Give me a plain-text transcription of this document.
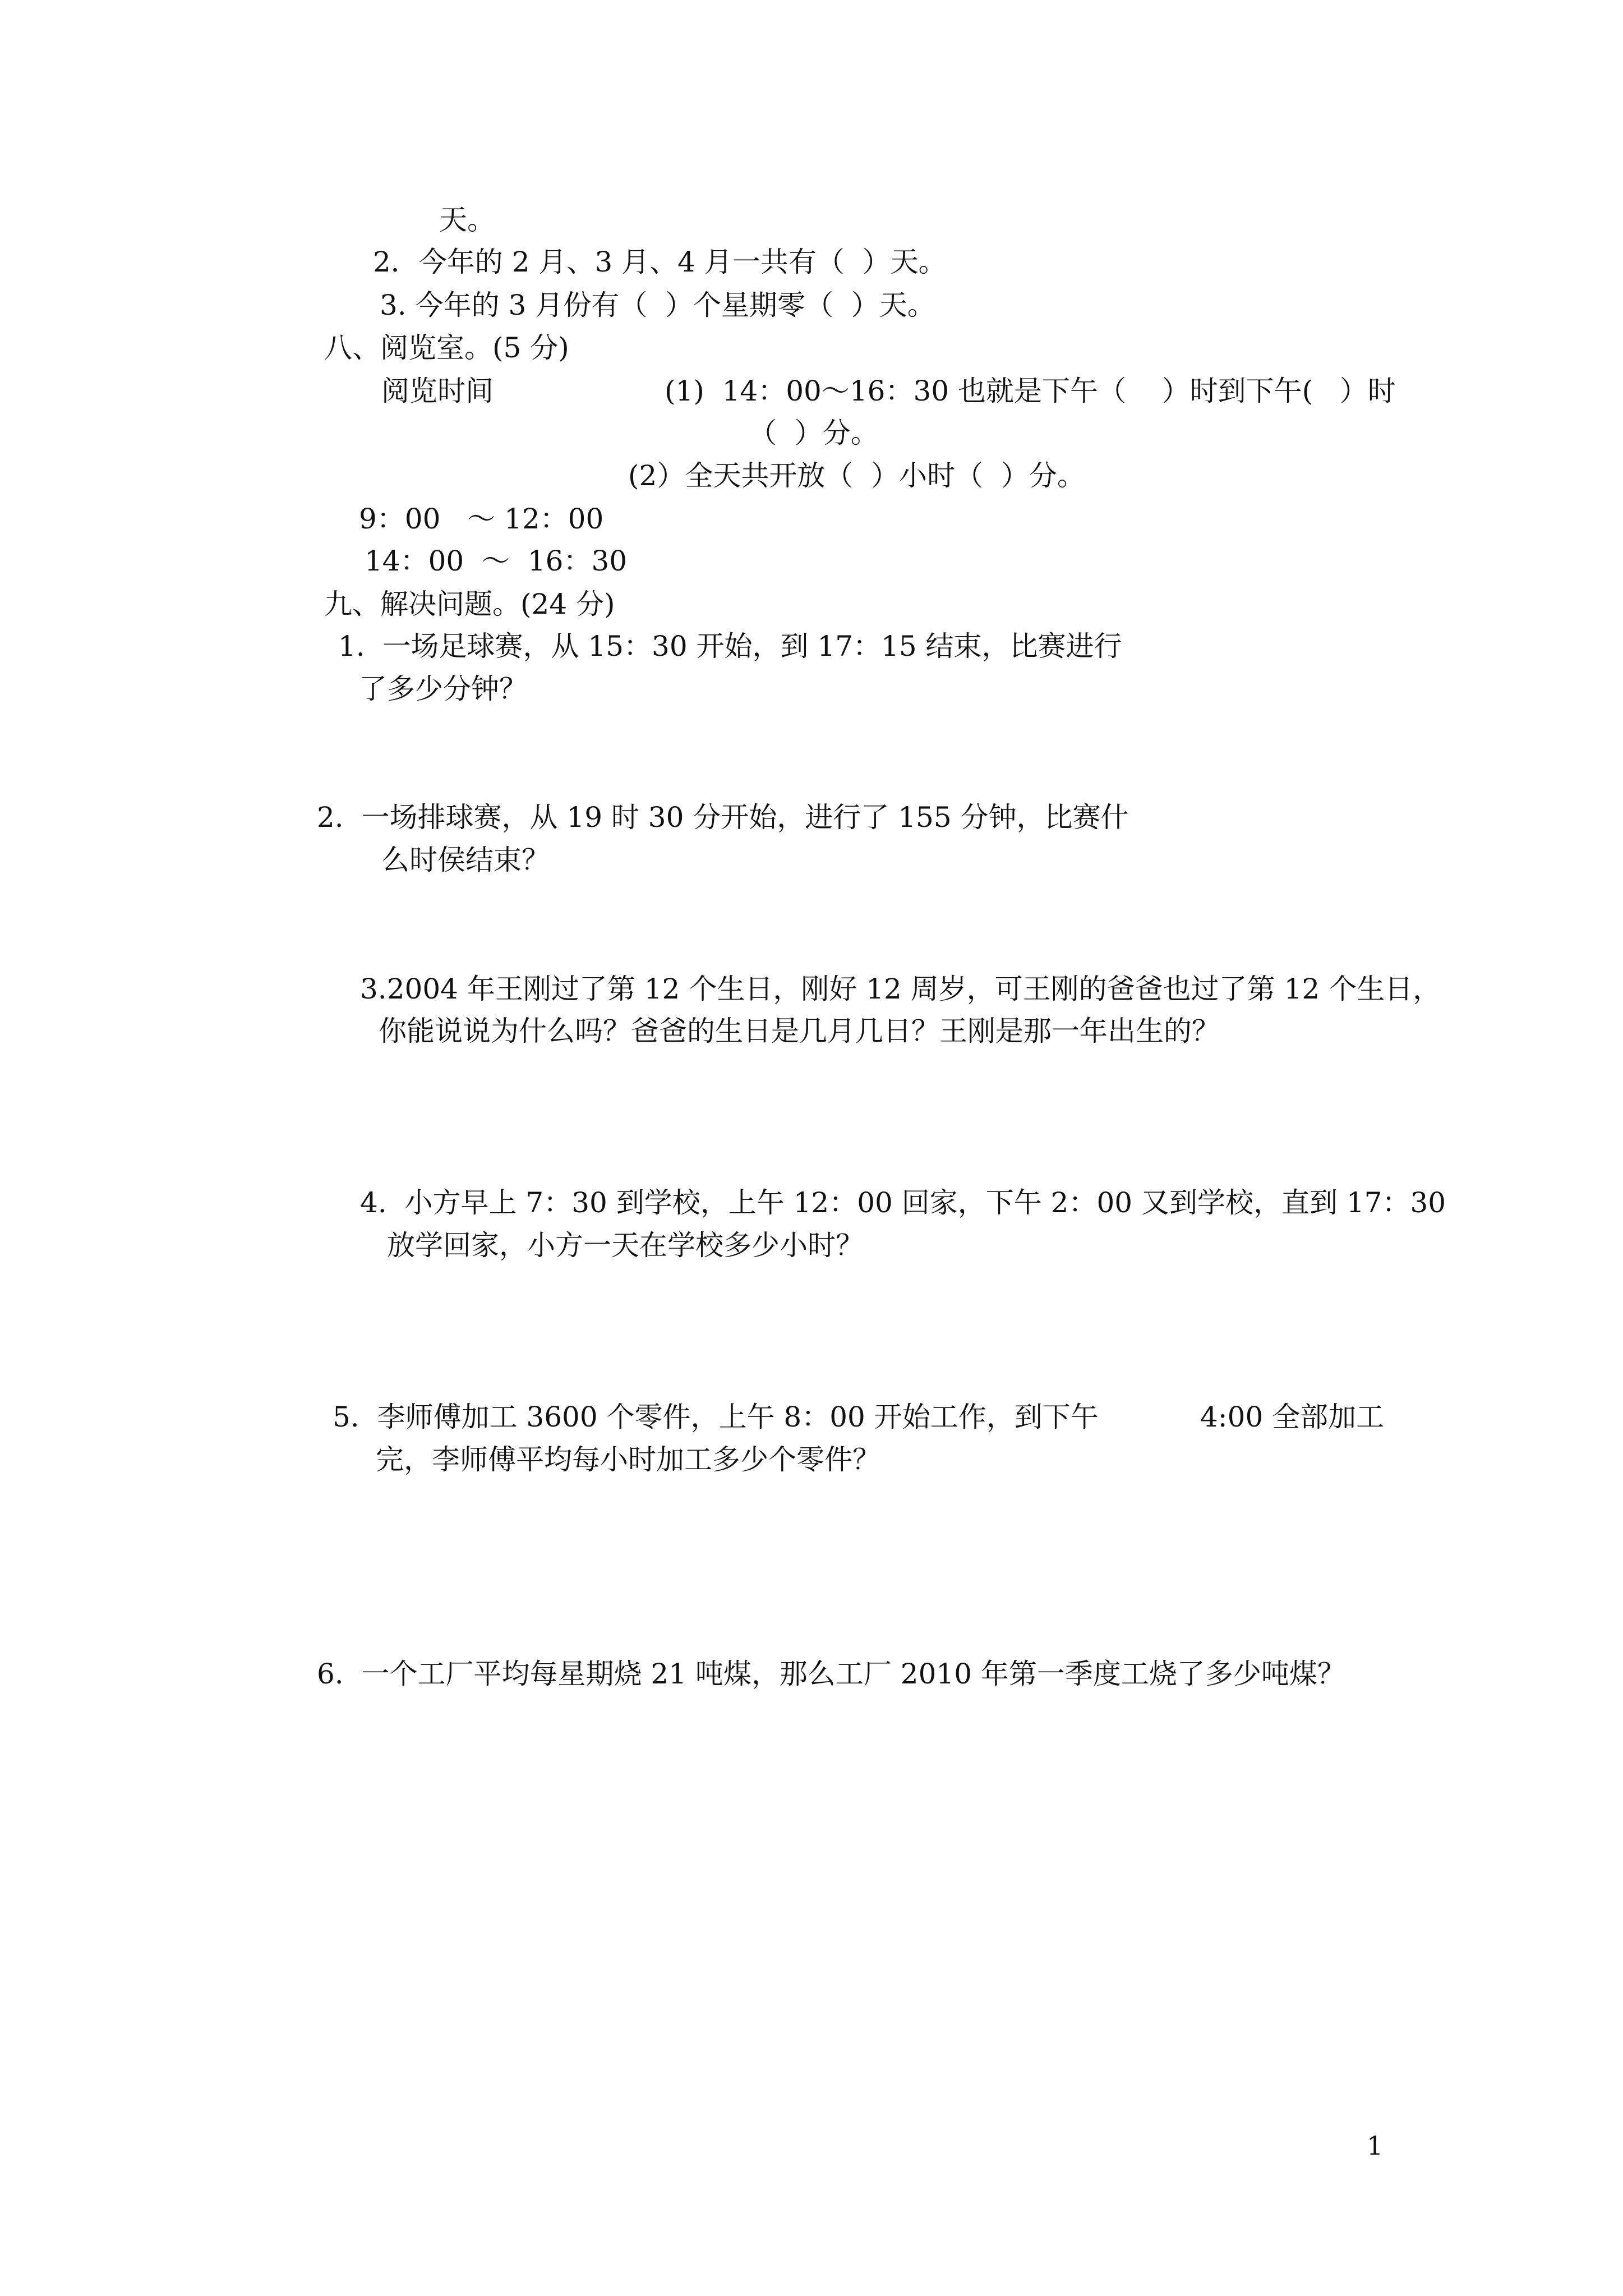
天。
2．今年的 2 月、3 月、4 月一共有（  ）天。
3. 今年的 3 月份有（  ）个星期零（  ）天。
八、阅览室。(5 分)
阅览时间	(1)  14：00～16：30 也就是下午（    ）时到下午(   ）时
（  ）分。
(2）全天共开放（  ）小时（  ）分。
9：00   ～ 12：00
14：00  ～  16：30
九、解决问题。(24 分)
1.  一场足球赛，从 15：30 开始，到 17：15 结束，比赛进行
了多少分钟？
2.  一场排球赛，从 19 时 30 分开始，进行了 155 分钟，比赛什
么时侯结束？
3.2004 年王刚过了第 12 个生日，刚好 12 周岁，可王刚的爸爸也过了第 12 个生日，
你能说说为什么吗？爸爸的生日是几月几日？王刚是那一年出生的？
4.  小方早上 7：30 到学校，上午 12：00 回家，下午 2：00 又到学校，直到 17：30
放学回家，小方一天在学校多少小时？
5.  李师傅加工 3600 个零件，上午 8：00 开始工作，到下午	4:00 全部加工
完，李师傅平均每小时加工多少个零件？
6.  一个工厂平均每星期烧 21 吨煤，那么工厂 2010 年第一季度工烧了多少吨煤？
1
